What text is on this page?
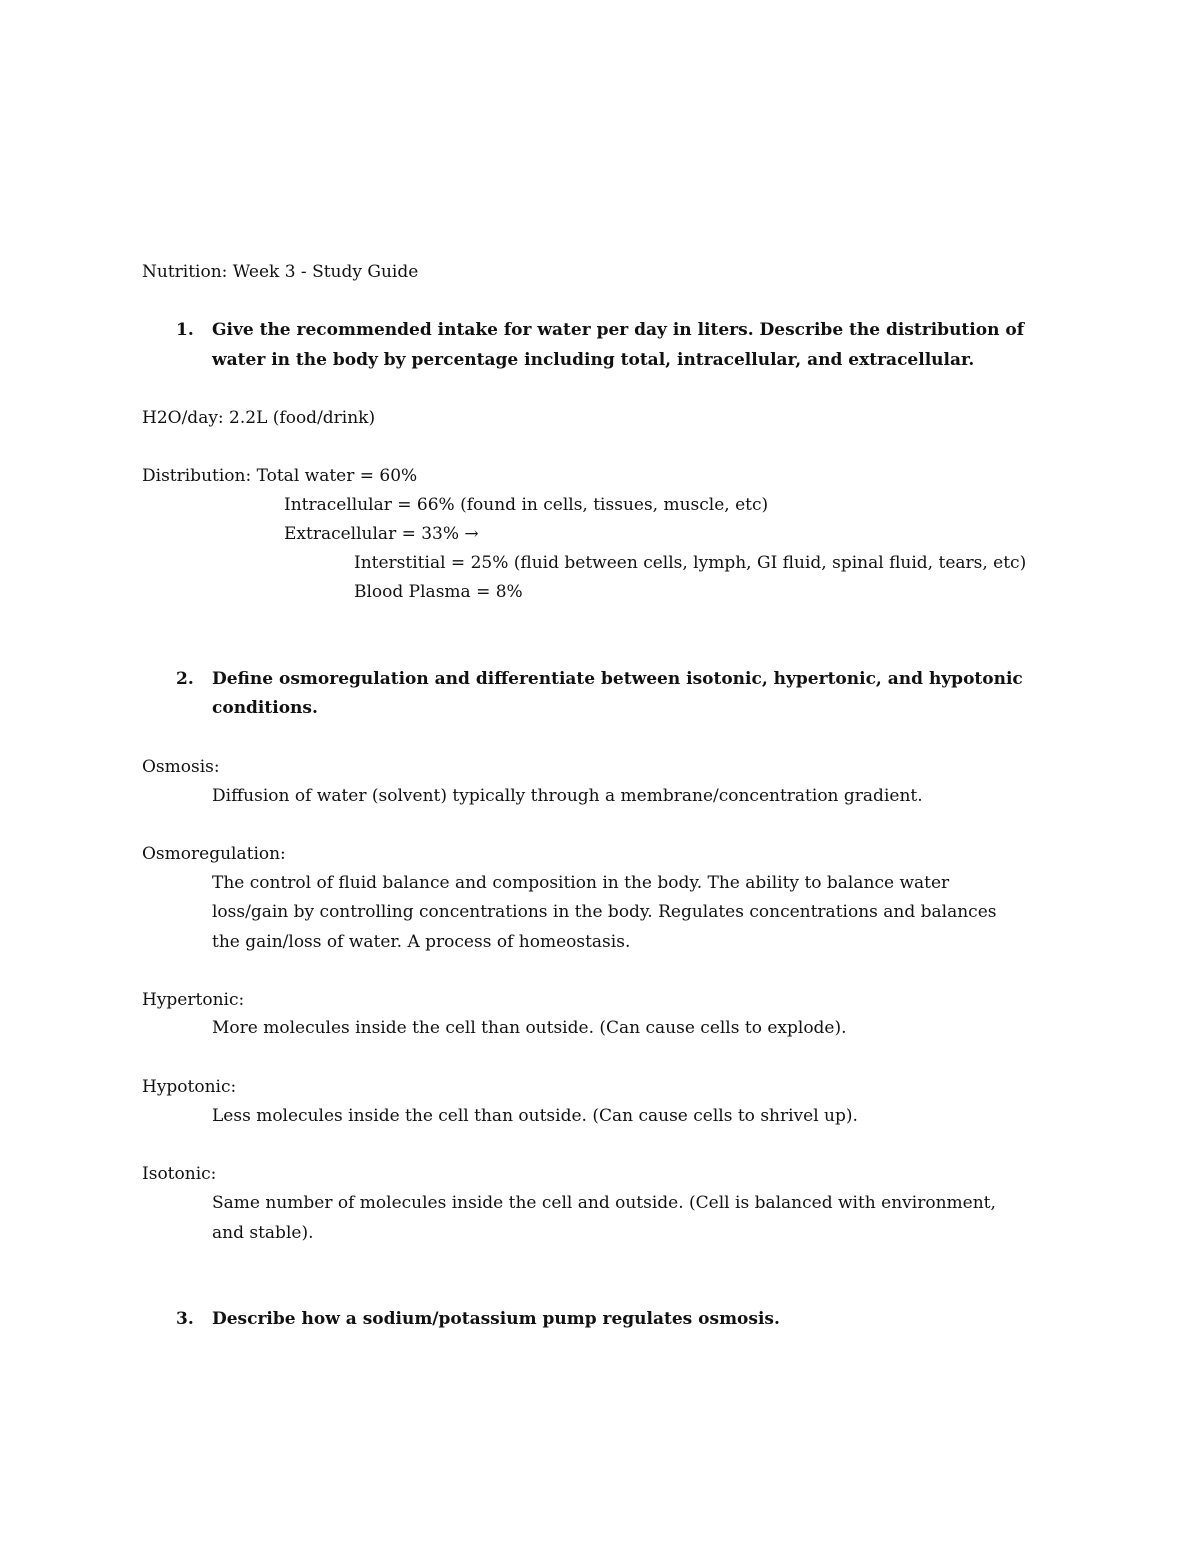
Nutrition: Week 3 - Study Guide
1. Give the recommended intake for water per day in liters. Describe the distribution of
water in the body by percentage including total, intracellular, and extracellular.
H2O/day: 2.2L (food/drink)
Distribution: Total water = 60%
Intracellular = 66% (found in cells, tissues, muscle, etc)
Extracellular = 33% →
Interstitial = 25% (fluid between cells, lymph, GI fluid, spinal fluid, tears, etc)
Blood Plasma = 8%
2. Define osmoregulation and differentiate between isotonic, hypertonic, and hypotonic
conditions.
Osmosis:
Diffusion of water (solvent) typically through a membrane/concentration gradient.
Osmoregulation:
The control of fluid balance and composition in the body. The ability to balance water
loss/gain by controlling concentrations in the body. Regulates concentrations and balances
the gain/loss of water. A process of homeostasis.
Hypertonic:
More molecules inside the cell than outside. (Can cause cells to explode).
Hypotonic:
Less molecules inside the cell than outside. (Can cause cells to shrivel up).
Isotonic:
Same number of molecules inside the cell and outside. (Cell is balanced with environment,
and stable).
3. Describe how a sodium/potassium pump regulates osmosis.
